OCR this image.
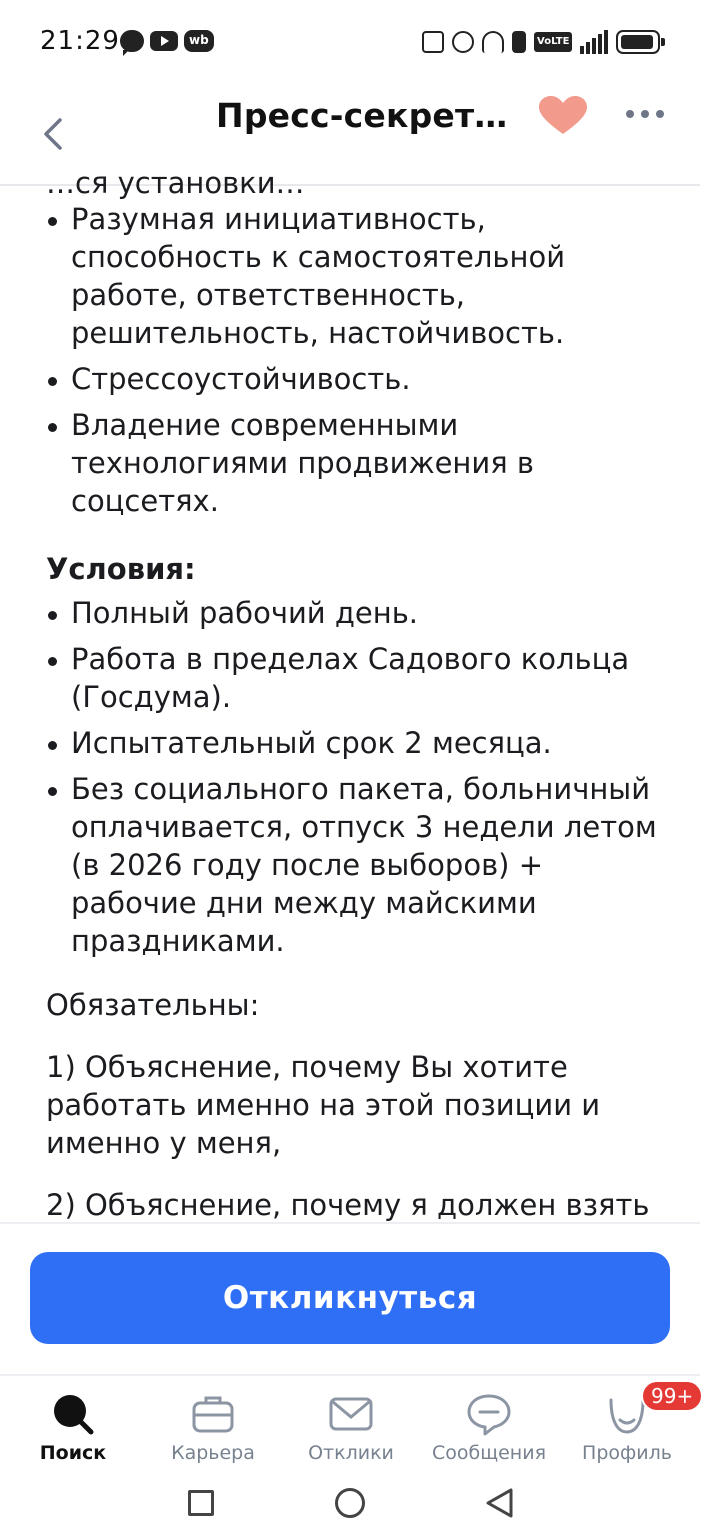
21:29
wb
VoLTE
Пресс-секрет…
…ся установки…
Разумная инициативность, способность к самостоятельной работе, ответственность, решительность, настойчивость.
Стрессоустойчивость.
Владение современными технологиями продвижения в соцсетях.
Условия:
Полный рабочий день.
Работа в пределах Садового кольца (Госдума).
Испытательный срок 2 месяца.
Без социального пакета, больничный оплачивается, отпуск 3 недели летом (в 2026 году после выборов) + рабочие дни между майскими праздниками.

Обязательны:

1) Объяснение, почему Вы хотите работать именно на этой позиции и именно у меня,

2) Объяснение, почему я должен взять

Откликнуться
Поиск	Карьера	Отклики	Сообщения
99+
Профиль
